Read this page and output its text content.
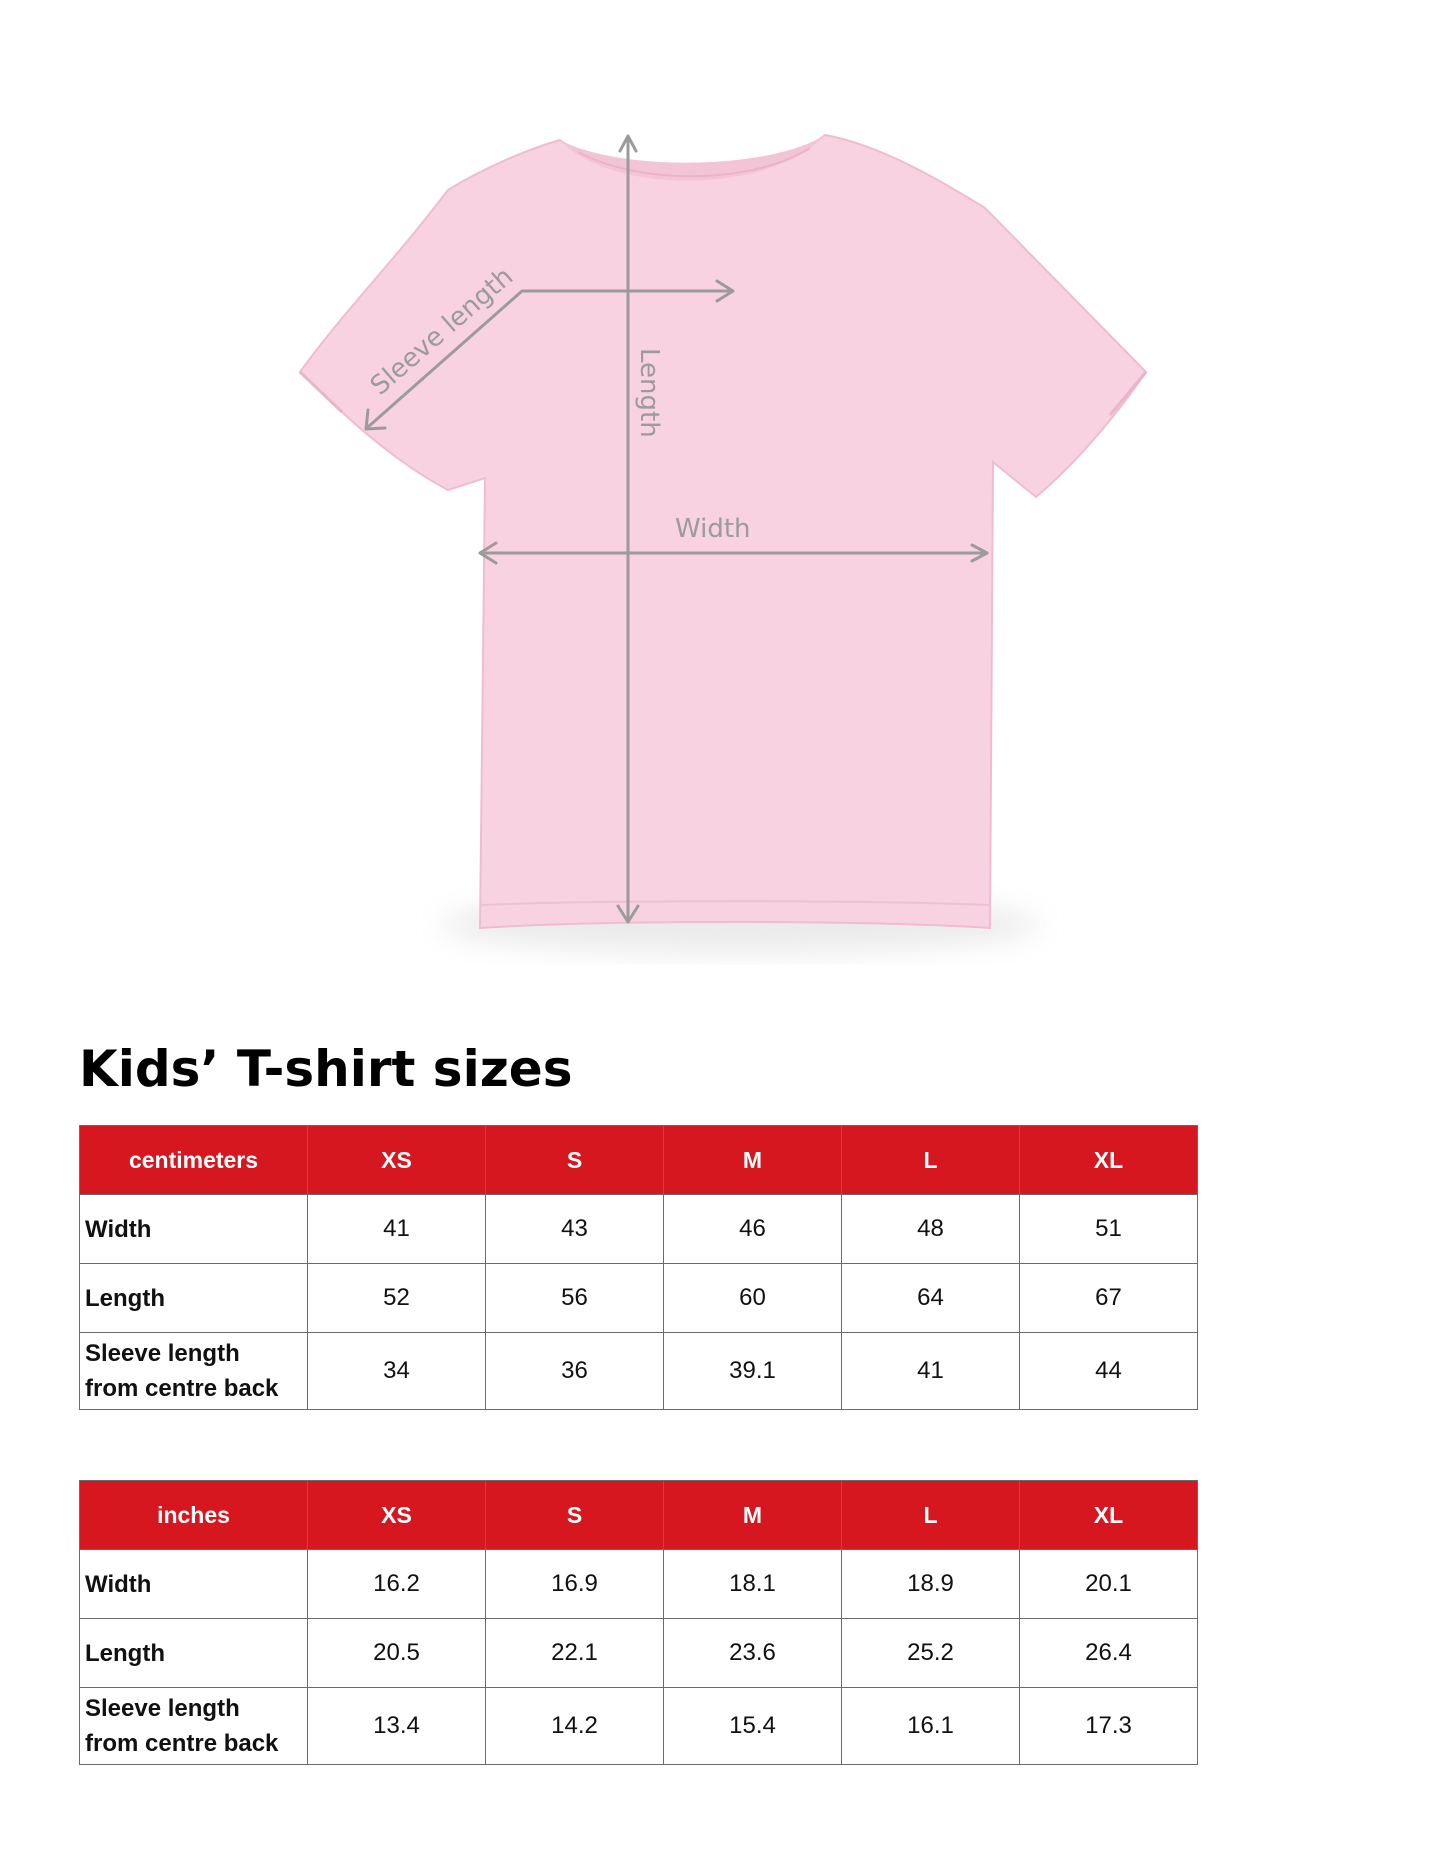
Sleeve length	Length
Width
Kids’ T-shirt sizes
centimeters	XS	S	M	L	XL
Width	41	43	46	48	51
Length	52	56	60	64	67
Sleeve length
from centre back	34	36	39.1	41	44
inches	XS	S	M	L	XL
Width	16.2	16.9	18.1	18.9	20.1
Length	20.5	22.1	23.6	25.2	26.4
Sleeve length
from centre back	13.4	14.2	15.4	16.1	17.3
